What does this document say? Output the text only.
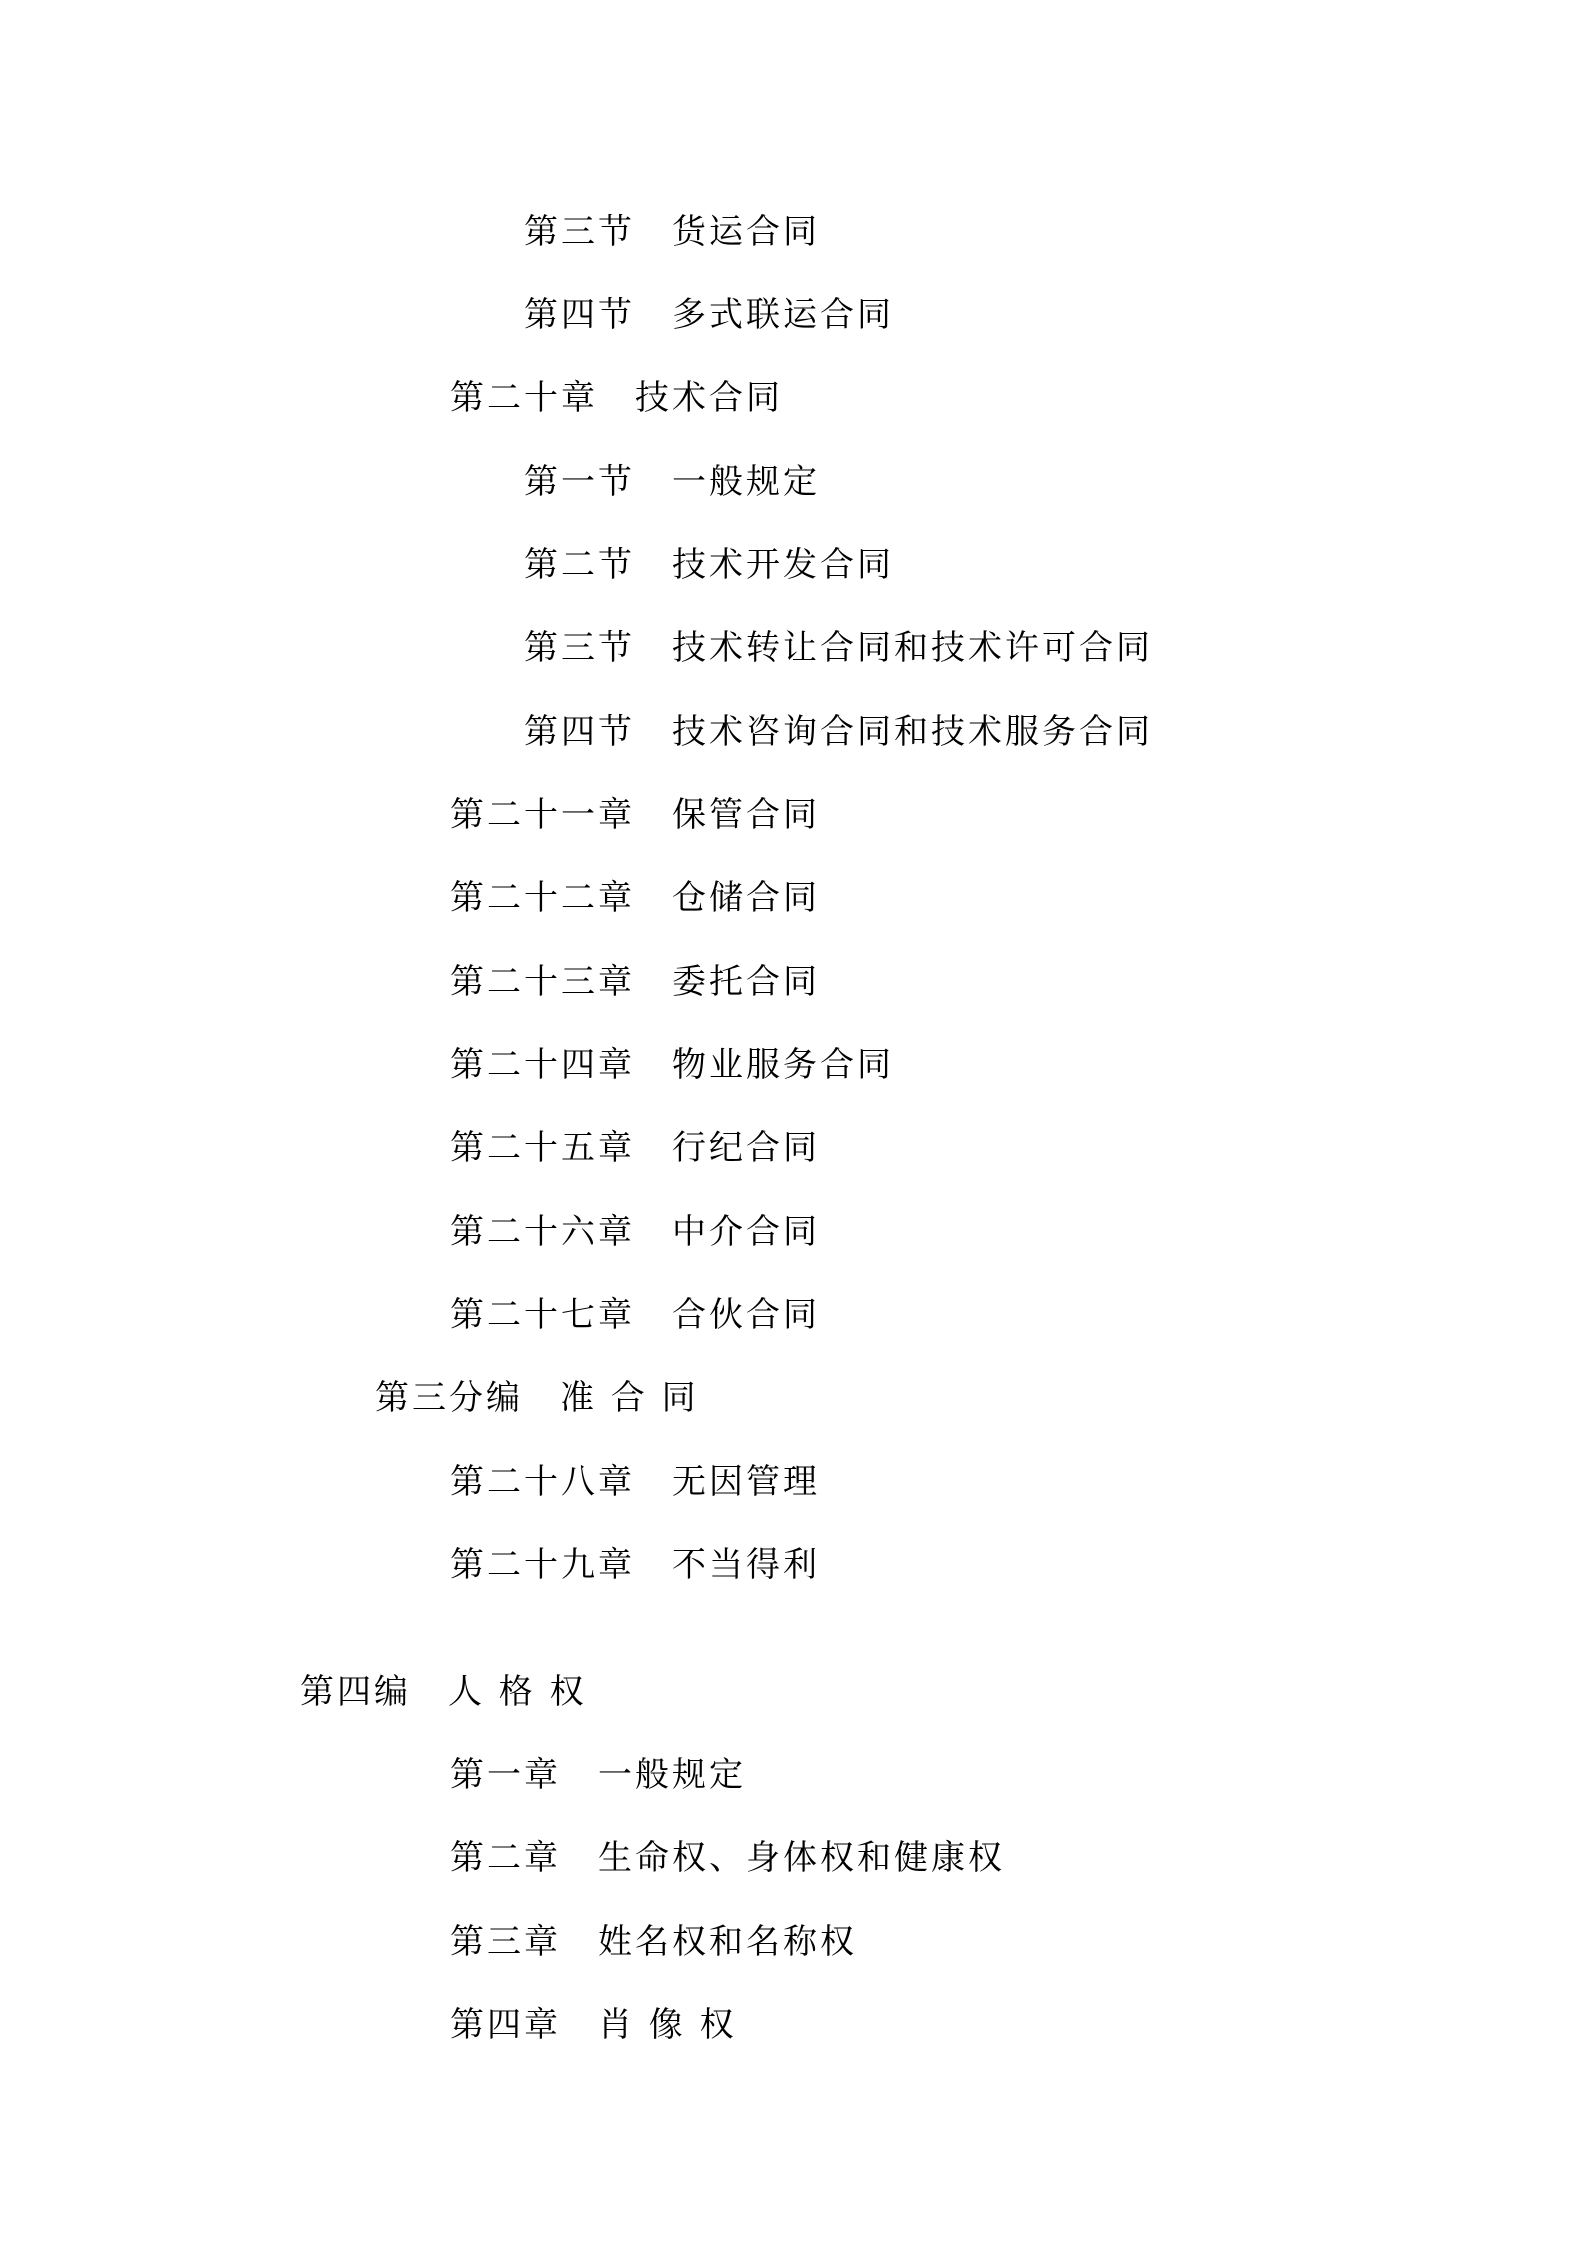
第三节　 货运合同
第四节　 多式联运合同
第二十章　 技术合同
第一节　 一般规定
第二节　 技术开发合同
第三节　 技术转让合同和技术许可合同
第四节　 技术咨询合同和技术服务合同
第二十一章　 保管合同
第二十二章　 仓储合同
第二十三章　 委托合同
第二十四章　 物业服务合同
第二十五章　 行纪合同
第二十六章　 中介合同
第二十七章　 合伙合同
第三分编　 准 合 同
第二十八章　 无因管理
第二十九章　 不当得利
第四编　 人 格 权
第一章　 一般规定
第二章　 生命权、身体权和健康权
第三章　 姓名权和名称权
第四章　 肖 像 权
